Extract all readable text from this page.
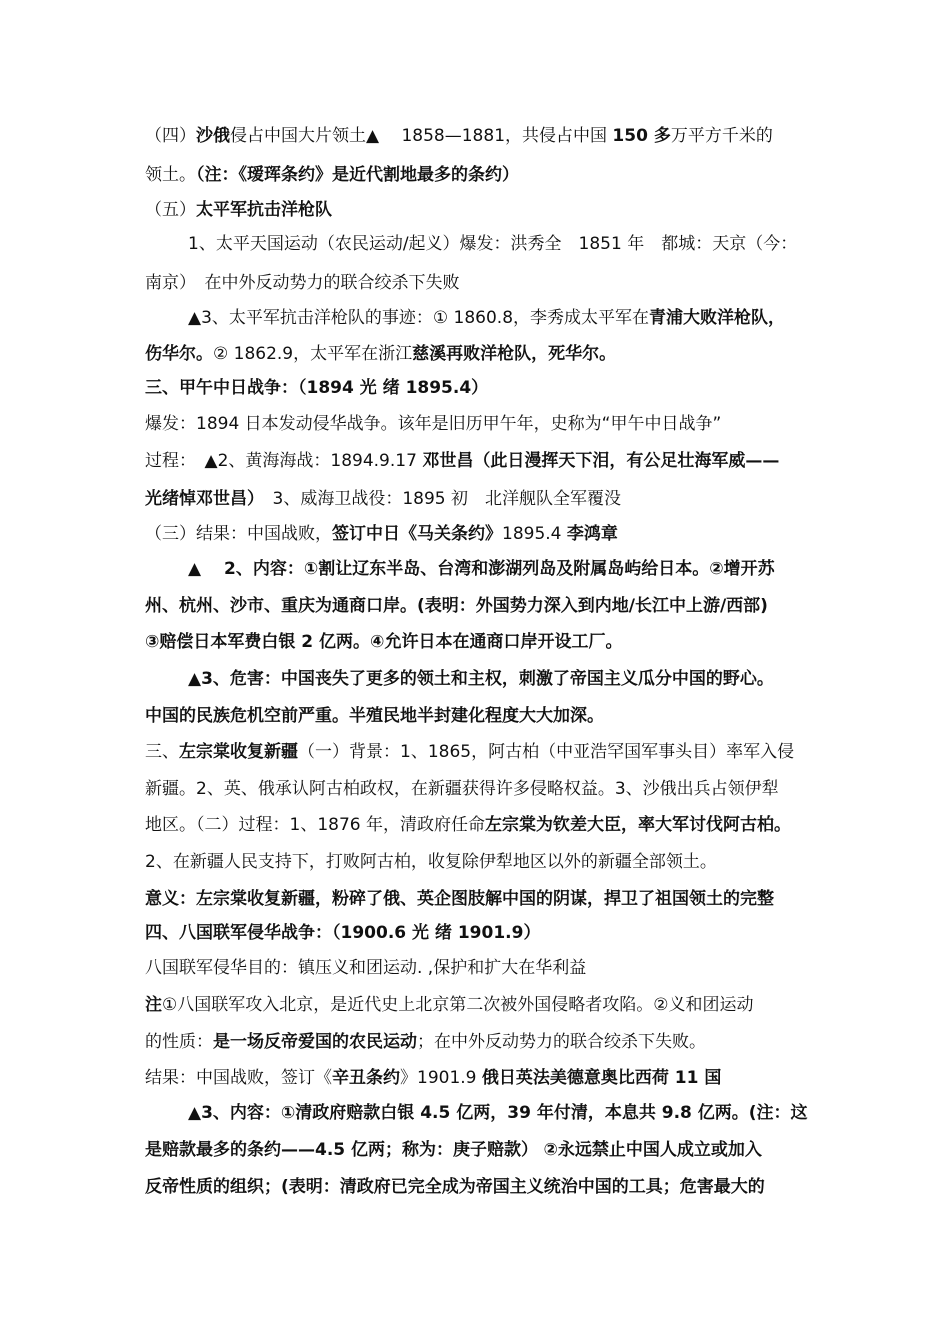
（四）沙俄侵占中国大片领土▲　 1858—1881，共侵占中国 150 多万平方千米的
领土。（注：《瑷珲条约》是近代割地最多的条约）
（五）太平军抗击洋枪队
1、太平天国运动（农民运动/起义）爆发：洪秀全　1851 年　都城：天京（今：
南京）　在中外反动势力的联合绞杀下失败
▲3、太平军抗击洋枪队的事迹：① 1860.8，李秀成太平军在青浦大败洋枪队，
伤华尔。② 1862.9，太平军在浙江慈溪再败洋枪队，死华尔。
三、甲午中日战争：（1894 光 绪 1895.4）
爆发：1894 日本发动侵华战争。该年是旧历甲午年，史称为“甲午中日战争”
过程：　▲2、黄海海战：1894.9.17 邓世昌（此日漫挥天下泪，有公足壮海军威——
光绪悼邓世昌）　3、威海卫战役：1895 初　北洋舰队全军覆没
（三）结果：中国战败，签订中日《马关条约》1895.4 李鸿章
▲　 2、内容：①割让辽东半岛、台湾和澎湖列岛及附属岛屿给日本。②增开苏
州、杭州、沙市、重庆为通商口岸。(表明：外国势力深入到内地/长江中上游/西部)
③赔偿日本军费白银 2 亿两。④允许日本在通商口岸开设工厂。
▲3、危害：中国丧失了更多的领土和主权，刺激了帝国主义瓜分中国的野心。
中国的民族危机空前严重。半殖民地半封建化程度大大加深。
三、左宗棠收复新疆（一）背景：1、1865，阿古柏（中亚浩罕国军事头目）率军入侵
新疆。2、英、俄承认阿古柏政权，在新疆获得许多侵略权益。3、沙俄出兵占领伊犁
地区。（二）过程：1、1876 年，清政府任命左宗棠为钦差大臣，率大军讨伐阿古柏。
2、在新疆人民支持下，打败阿古柏，收复除伊犁地区以外的新疆全部领土。
意义：左宗棠收复新疆，粉碎了俄、英企图肢解中国的阴谋，捍卫了祖国领土的完整
四、八国联军侵华战争：（1900.6 光 绪 1901.9）
八国联军侵华目的：镇压义和团运动. ,保护和扩大在华利益
注①八国联军攻入北京，是近代史上北京第二次被外国侵略者攻陷。②义和团运动
的性质：是一场反帝爱国的农民运动；在中外反动势力的联合绞杀下失败。
结果：中国战败，签订《辛丑条约》1901.9 俄日英法美德意奥比西荷 11 国
▲3、内容：①清政府赔款白银 4.5 亿两，39 年付清，本息共 9.8 亿两。(注：这
是赔款最多的条约——4.5 亿两；称为：庚子赔款） ②永远禁止中国人成立或加入
反帝性质的组织；(表明：清政府已完全成为帝国主义统治中国的工具；危害最大的
